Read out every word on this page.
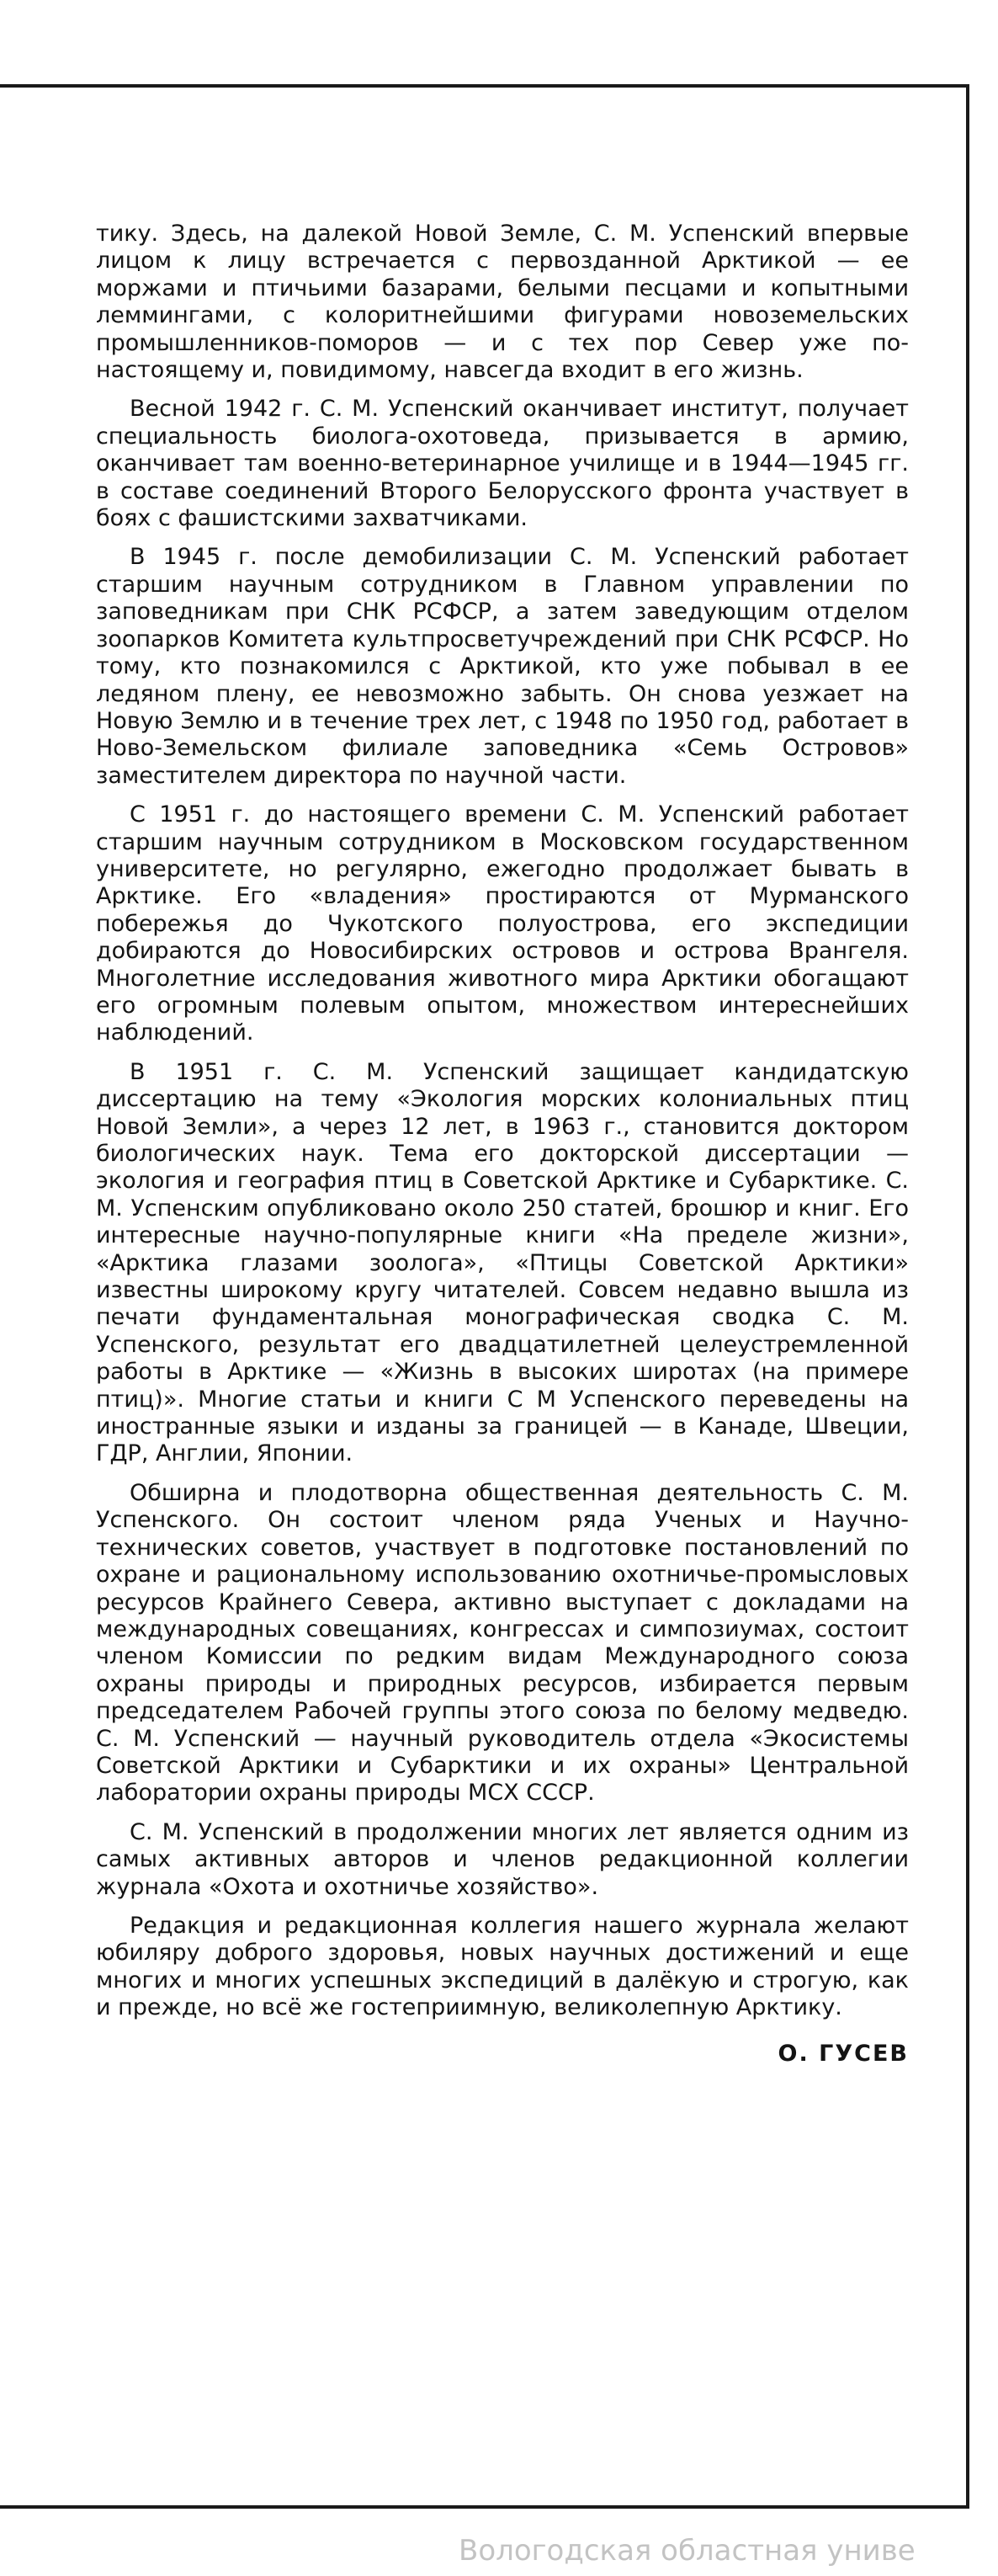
тику. Здесь, на далекой Новой Земле, С. М. Успенский впервые лицом к лицу встречается с первозданной Арктикой — ее моржами и птичьими базарами, белыми песцами и копытными леммингами, с колоритнейшими фигурами новоземельских промышленников-поморов — и с тех пор Север уже по-настоящему и, повидимому, навсегда входит в его жизнь.

Весной 1942 г. С. М. Успенский оканчивает институт, получает специальность биолога-охотоведа, призывается в армию, оканчивает там военно-ветеринарное училище и в 1944—1945 гг. в составе соединений Второго Белорусского фронта участвует в боях с фашистскими захватчиками.

В 1945 г. после демобилизации С. М. Успенский работает старшим научным сотрудником в Главном управлении по заповедникам при СНК РСФСР, а затем заведующим отделом зоопарков Комитета культпросветучреждений при СНК РСФСР. Но тому, кто познакомился с Арктикой, кто уже побывал в ее ледяном плену, ее невозможно забыть. Он снова уезжает на Новую Землю и в течение трех лет, с 1948 по 1950 год, работает в Ново-Земельском филиале заповедника «Семь Островов» заместителем директора по научной части.

С 1951 г. до настоящего времени С. М. Успенский работает старшим научным сотрудником в Московском государственном университете, но регулярно, ежегодно продолжает бывать в Арктике. Его «владения» простираются от Мурманского побережья до Чукотского полуострова, его экспедиции добираются до Новосибирских островов и острова Врангеля. Многолетние исследования животного мира Арктики обогащают его огромным полевым опытом, множеством интереснейших наблюдений.

В 1951 г. С. М. Успенский защищает кандидатскую диссертацию на тему «Экология морских колониальных птиц Новой Земли», а через 12 лет, в 1963 г., становится доктором биологических наук. Тема его докторской диссертации — экология и география птиц в Советской Арктике и Субарктике. С. М. Успенским опубликовано около 250 статей, брошюр и книг. Его интересные научно-популярные книги «На пределе жизни», «Арктика глазами зоолога», «Птицы Советской Арктики» известны широкому кругу читателей. Совсем недавно вышла из печати фундаментальная монографическая сводка С. М. Успенского, результат его двадцатилетней целеустремленной работы в Арктике — «Жизнь в высоких широтах (на примере птиц)». Многие статьи и книги С М Успенского переведены на иностранные языки и изданы за границей — в Канаде, Швеции, ГДР, Англии, Японии.

Обширна и плодотворна общественная деятельность С. М. Успенского. Он состоит членом ряда Ученых и Научно-технических советов, участвует в подготовке постановлений по охране и рациональному использованию охотничье-промысловых ресурсов Крайнего Севера, активно выступает с докладами на международных совещаниях, конгрессах и симпозиумах, состоит членом Комиссии по редким видам Международного союза охраны природы и природных ресурсов, избирается первым председателем Рабочей группы этого союза по белому медведю. С. М. Успенский — научный руководитель отдела «Экосистемы Советской Арктики и Субарктики и их охраны» Центральной лаборатории охраны природы МСХ СССР.

С. М. Успенский в продолжении многих лет является одним из самых активных авторов и членов редакционной коллегии журнала «Охота и охотничье хозяйство».

Редакция и редакционная коллегия нашего журнала желают юбиляру доброго здоровья, новых научных достижений и еще многих и многих успешных экспедиций в далёкую и строгую, как и прежде, но всё же гостеприимную, великолепную Арктику.

О. ГУСЕВ
Вологодская областная униве
